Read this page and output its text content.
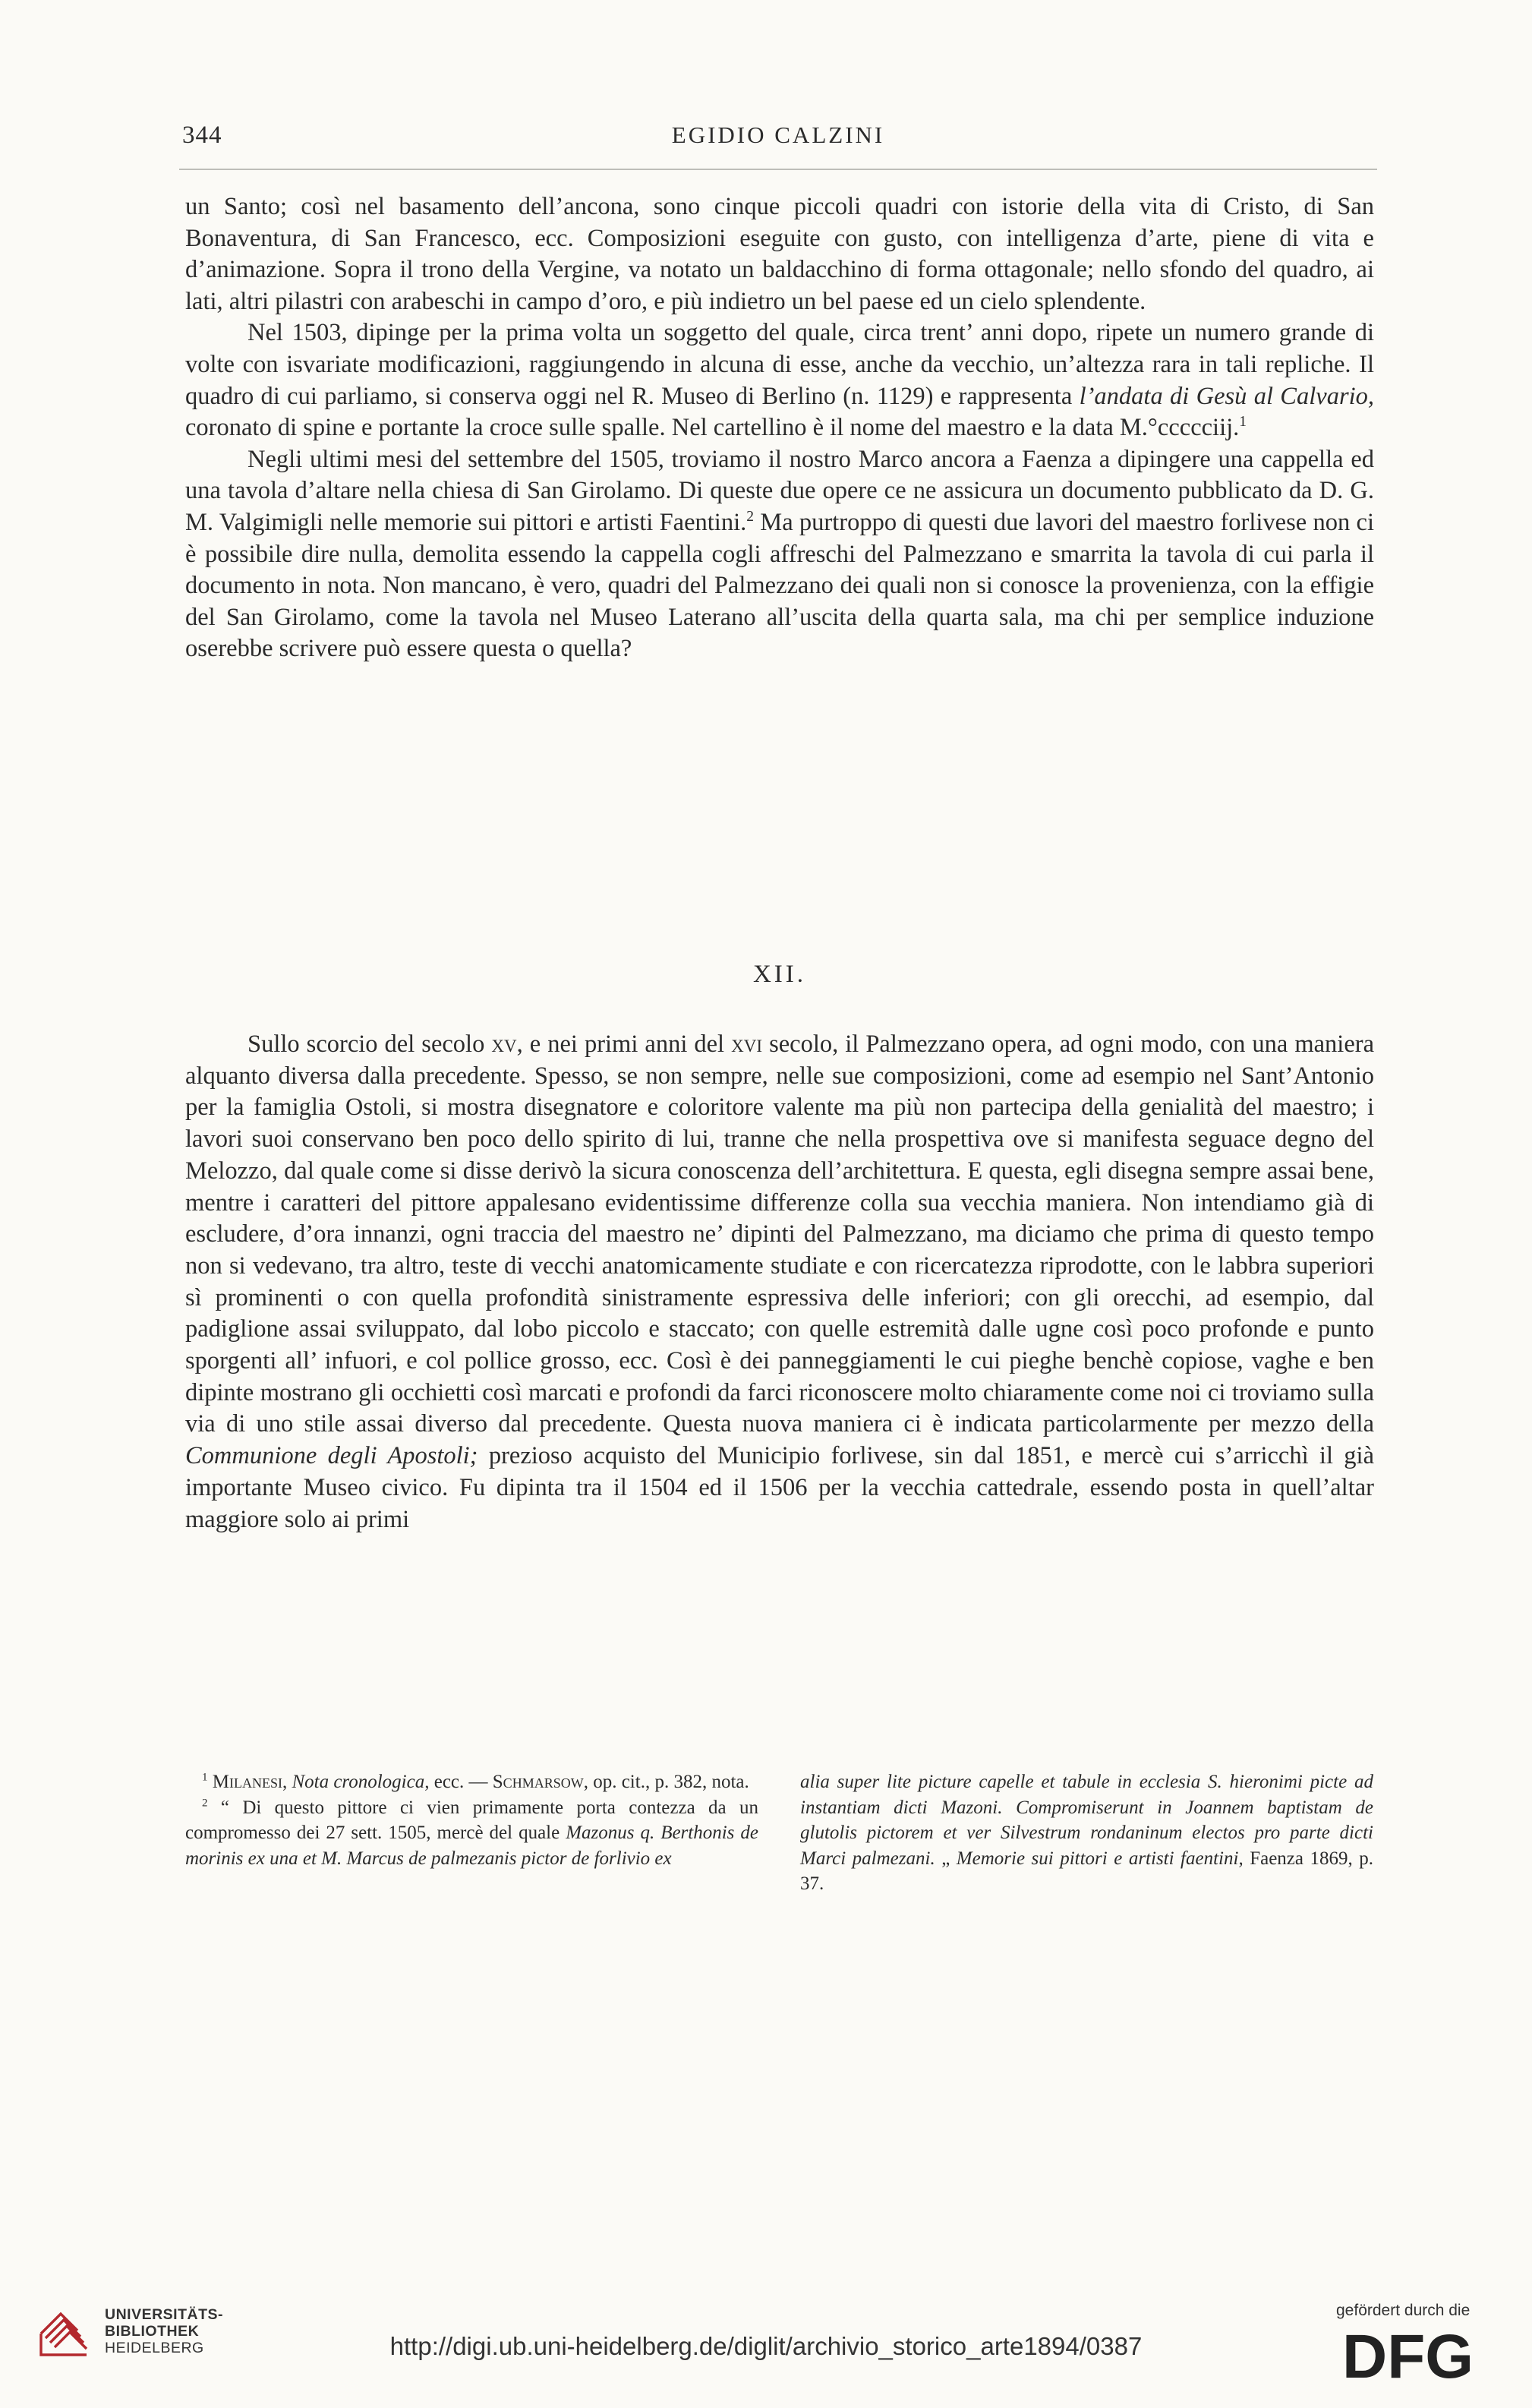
344	EGIDIO CALZINI

un Santo; così nel basamento dell’ancona, sono cinque piccoli quadri con istorie della vita di Cristo, di San Bonaventura, di San Francesco, ecc. Composizioni eseguite con gusto, con intelligenza d’arte, piene di vita e d’animazione. Sopra il trono della Vergine, va notato un baldacchino di forma ottagonale; nello sfondo del quadro, ai lati, altri pilastri con arabeschi in campo d’oro, e più indietro un bel paese ed un cielo splendente.

Nel 1503, dipinge per la prima volta un soggetto del quale, circa trent’ anni dopo, ripete un numero grande di volte con isvariate modificazioni, raggiungendo in alcuna di esse, anche da vecchio, un’altezza rara in tali repliche. Il quadro di cui parliamo, si conserva oggi nel R. Museo di Berlino (n. 1129) e rappresenta l’andata di Gesù al Calvario, coronato di spine e portante la croce sulle spalle. Nel cartellino è il nome del maestro e la data M.°ccccciij.$^1$

Negli ultimi mesi del settembre del 1505, troviamo il nostro Marco ancora a Faenza a dipingere una cappella ed una tavola d’altare nella chiesa di San Girolamo. Di queste due opere ce ne assicura un documento pubblicato da D. G. M. Valgimigli nelle memorie sui pittori e artisti Faentini.$^2$ Ma purtroppo di questi due lavori del maestro forlivese non ci è possibile dire nulla, demolita essendo la cappella cogli affreschi del Palmezzano e smarrita la tavola di cui parla il documento in nota. Non mancano, è vero, quadri del Palmezzano dei quali non si conosce la provenienza, con la effigie del San Girolamo, come la tavola nel Museo Laterano all’uscita della quarta sala, ma chi per semplice induzione oserebbe scrivere può essere questa o quella?

XII.

Sullo scorcio del secolo xv, e nei primi anni del xvi secolo, il Palmezzano opera, ad ogni modo, con una maniera alquanto diversa dalla precedente. Spesso, se non sempre, nelle sue composizioni, come ad esempio nel Sant’Antonio per la famiglia Ostoli, si mostra disegnatore e coloritore valente ma più non partecipa della genialità del maestro; i lavori suoi conservano ben poco dello spirito di lui, tranne che nella prospettiva ove si manifesta seguace degno del Melozzo, dal quale come si disse derivò la sicura conoscenza dell’architettura. E questa, egli disegna sempre assai bene, mentre i caratteri del pittore appalesano evidentissime differenze colla sua vecchia maniera. Non intendiamo già di escludere, d’ora innanzi, ogni traccia del maestro ne’ dipinti del Palmezzano, ma diciamo che prima di questo tempo non si vedevano, tra altro, teste di vecchi anatomicamente studiate e con ricercatezza riprodotte, con le labbra superiori sì prominenti o con quella profondità sinistramente espressiva delle inferiori; con gli orecchi, ad esempio, dal padiglione assai sviluppato, dal lobo piccolo e staccato; con quelle estremità dalle ugne così poco profonde e punto sporgenti all’ infuori, e col pollice grosso, ecc. Così è dei panneggiamenti le cui pieghe benchè copiose, vaghe e ben dipinte mostrano gli occhietti così marcati e profondi da farci riconoscere molto chiaramente come noi ci troviamo sulla via di uno stile assai diverso dal precedente. Questa nuova maniera ci è indicata particolarmente per mezzo della Communione degli Apostoli; prezioso acquisto del Municipio forlivese, sin dal 1851, e mercè cui s’arricchì il già importante Museo civico. Fu dipinta tra il 1504 ed il 1506 per la vecchia cattedrale, essendo posta in quell’altar maggiore solo ai primi

$^1$ Milanesi, Nota cronologica, ecc. — Schmarsow, op. cit., p. 382, nota.

$^2$ “ Di questo pittore ci vien primamente porta contezza da un compromesso dei 27 sett. 1505, mercè del quale Mazonus q. Berthonis de morinis ex una et M. Marcus de palmezanis pictor de forlivio ex

alia super lite picture capelle et tabule in ecclesia S. hieronimi picte ad instantiam dicti Mazoni. Compromiserunt in Joannem baptistam de glutolis pictorem et ver Silvestrum rondaninum electos pro parte dicti Marci palmezani. „ Memorie sui pittori e artisti faentini, Faenza 1869, p. 37.

UNIVERSITÄTS-
BIBLIOTHEK
HEIDELBERG	http://digi.ub.uni-heidelberg.de/diglit/archivio_storico_arte1894/0387
gefördert durch die
DFG
